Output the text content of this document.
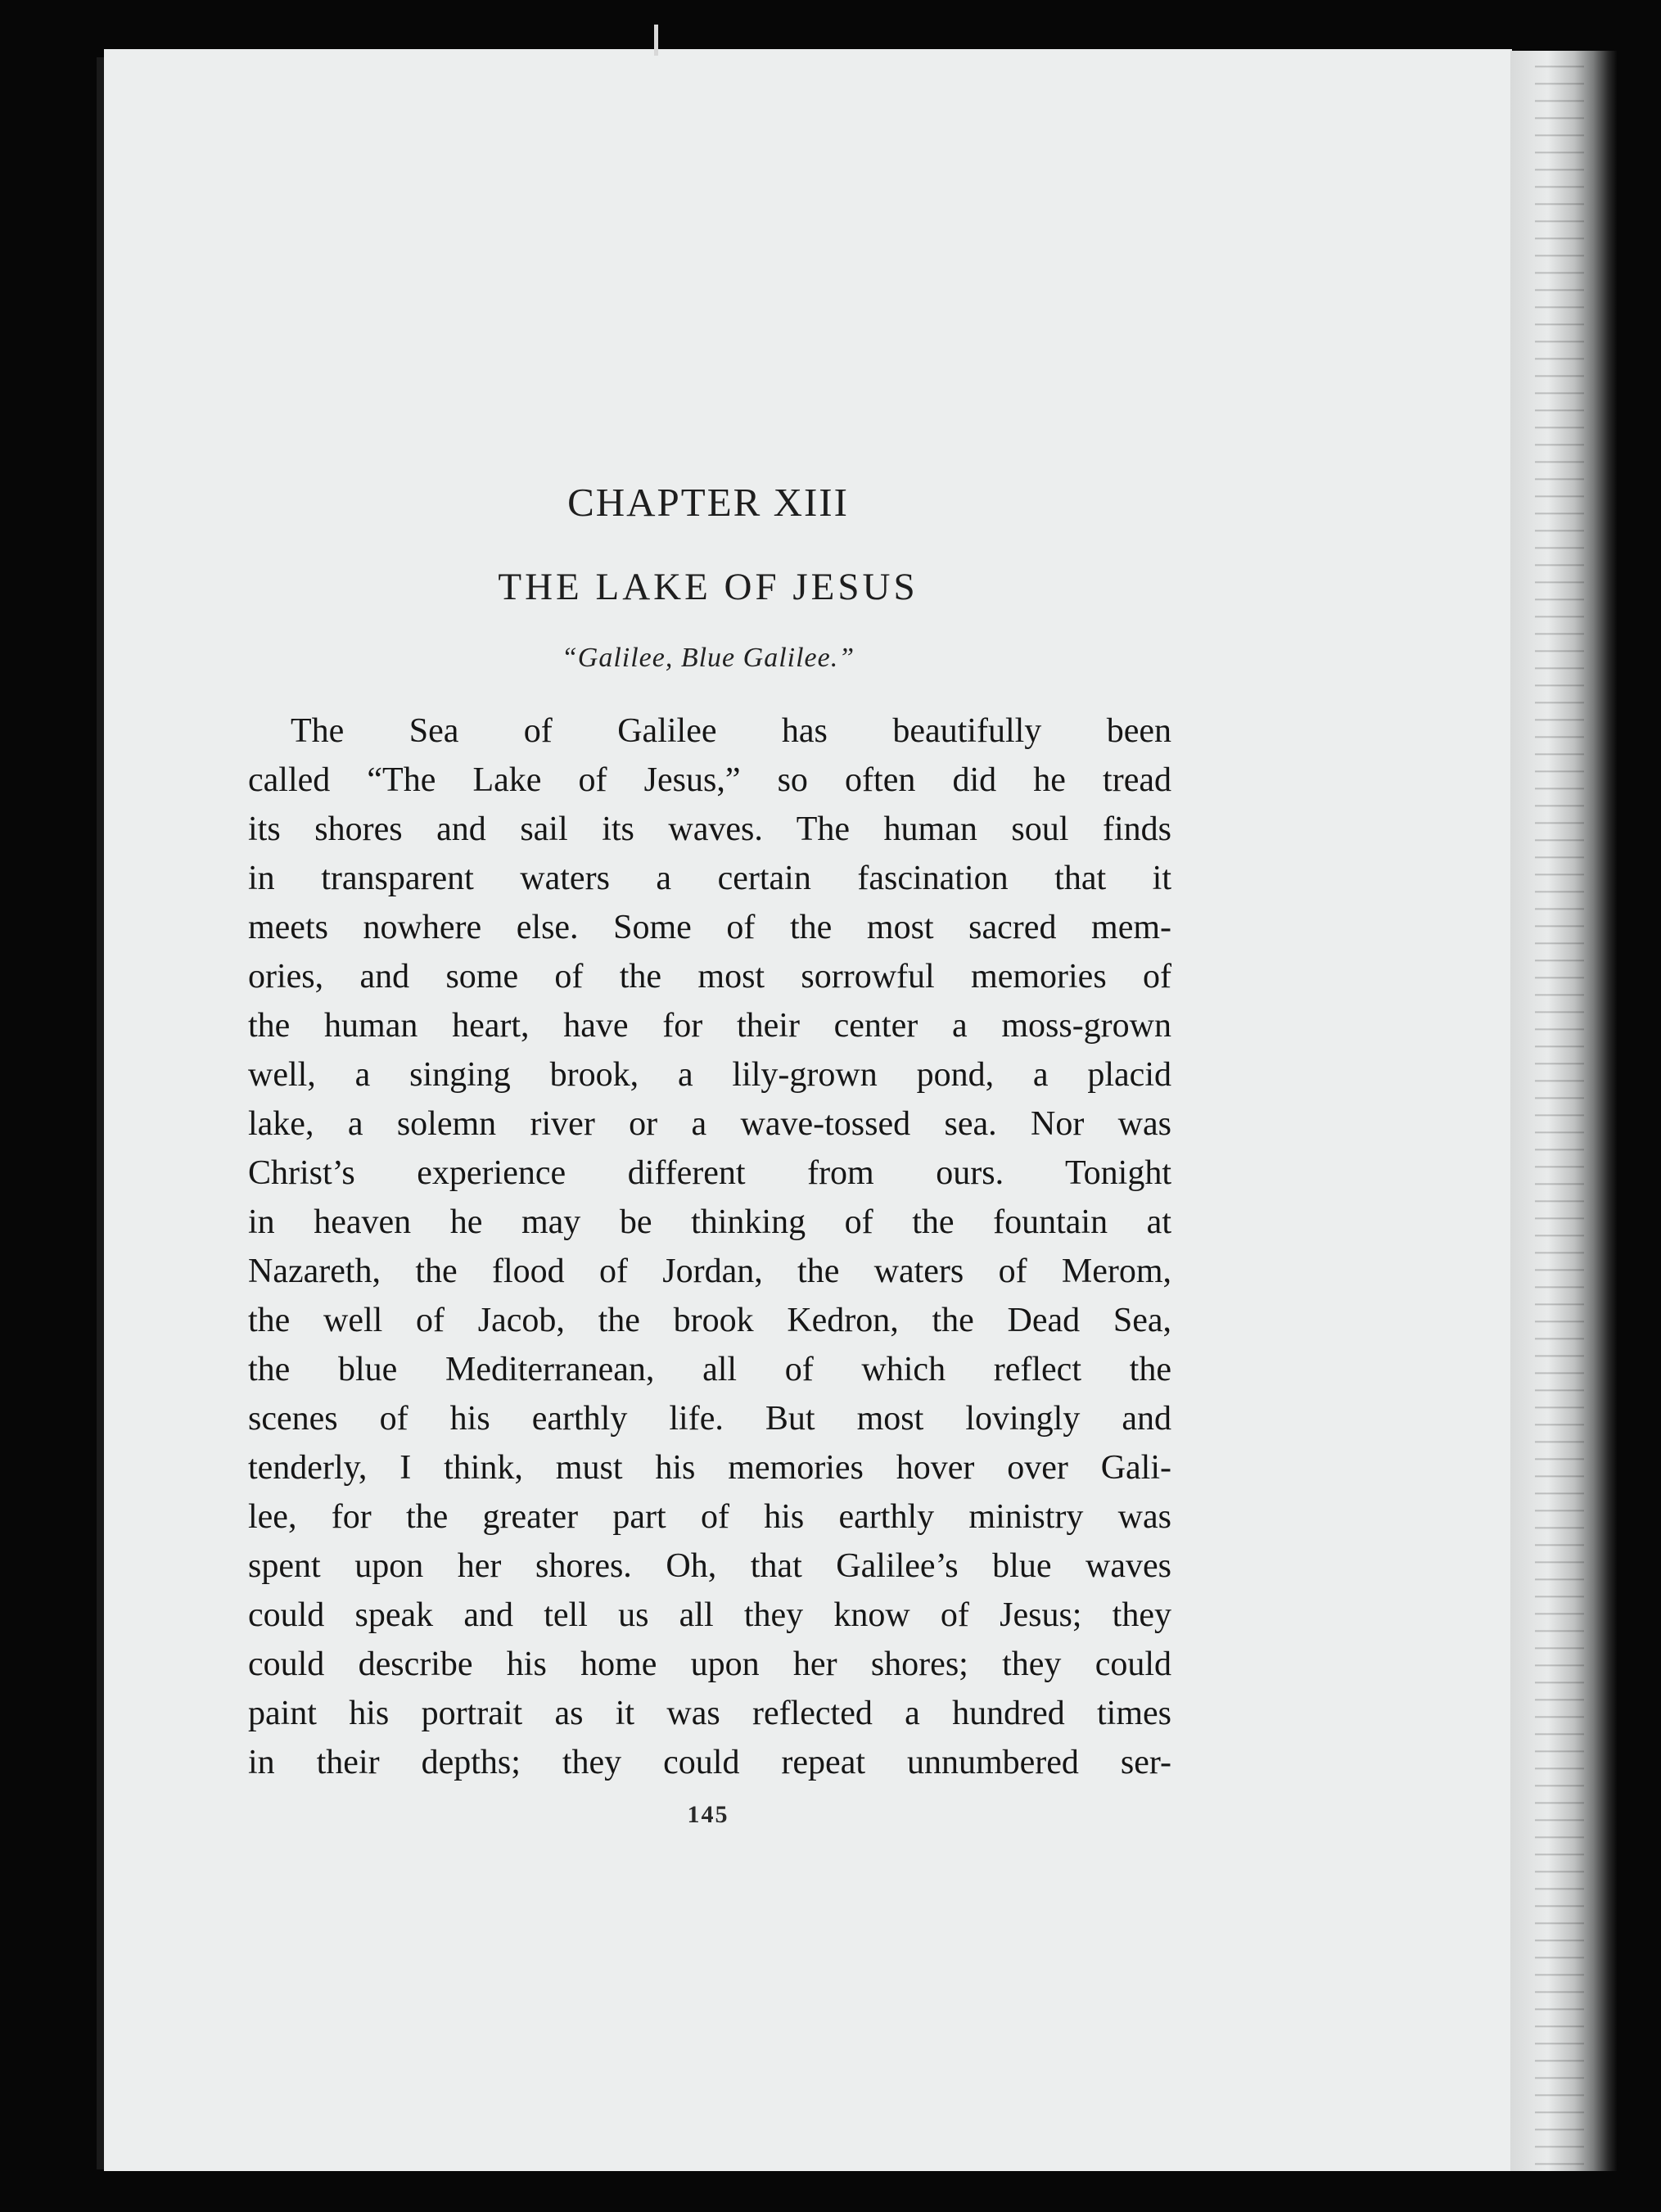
CHAPTER XIII
THE LAKE OF JESUS
“Galilee, Blue Galilee.”
The Sea of Galilee has beautifully been
called “The Lake of Jesus,” so often did he tread
its shores and sail its waves. The human soul finds
in transparent waters a certain fascination that it
meets nowhere else. Some of the most sacred mem-
ories, and some of the most sorrowful memories of
the human heart, have for their center a moss-grown
well, a singing brook, a lily-grown pond, a placid
lake, a solemn river or a wave-tossed sea. Nor was
Christ’s experience different from ours. Tonight
in heaven he may be thinking of the fountain at
Nazareth, the flood of Jordan, the waters of Merom,
the well of Jacob, the brook Kedron, the Dead Sea,
the blue Mediterranean, all of which reflect the
scenes of his earthly life. But most lovingly and
tenderly, I think, must his memories hover over Gali-
lee, for the greater part of his earthly ministry was
spent upon her shores. Oh, that Galilee’s blue waves
could speak and tell us all they know of Jesus; they
could describe his home upon her shores; they could
paint his portrait as it was reflected a hundred times
in their depths; they could repeat unnumbered ser-
145
